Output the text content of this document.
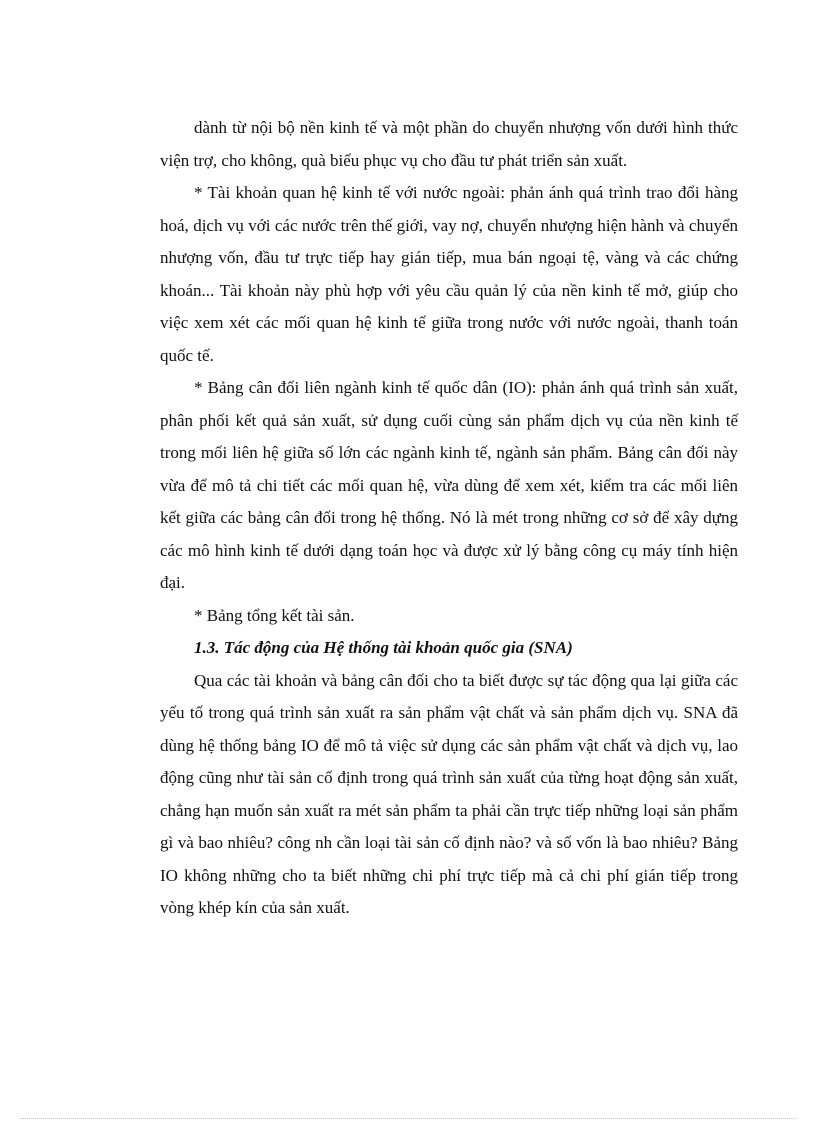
dành từ nội bộ nền kinh tế và một phần do chuyển nhượng vốn dưới hình thức viện trợ, cho không, quà biếu phục vụ cho đầu tư phát triển sản xuất.

* Tài khoản quan hệ kinh tế với nước ngoài: phản ánh quá trình trao đổi hàng hoá, dịch vụ với các nước trên thế giới, vay nợ, chuyển nhượng hiện hành và chuyển nhượng vốn, đầu tư trực tiếp hay gián tiếp, mua bán ngoại tệ, vàng và các chứng khoán... Tài khoản này phù hợp với yêu cầu quản lý của nền kinh tế mở, giúp cho việc xem xét các mối quan hệ kinh tế giữa trong nước với nước ngoài, thanh toán quốc tế.

* Bảng cân đối liên ngành kinh tế quốc dân (IO): phản ánh quá trình sản xuất, phân phối kết quả sản xuất, sử dụng cuối cùng sản phẩm dịch vụ của nền kinh tế trong mối liên hệ giữa số lớn các ngành kinh tế, ngành sản phẩm. Bảng cân đối này vừa để mô tả chi tiết các mối quan hệ, vừa dùng để xem xét, kiểm tra các mối liên kết giữa các bảng cân đối trong hệ thống. Nó là mét trong những cơ sở để xây dựng các mô hình kinh tế dưới dạng toán học và được xử lý bằng công cụ máy tính hiện đại.

* Bảng tổng kết tài sản.

1.3. Tác động của Hệ thống tài khoản quốc gia (SNA)

Qua các tài khoản và bảng cân đối cho ta biết được sự tác động qua lại giữa các yếu tố trong quá trình sản xuất ra sản phẩm vật chất và sản phẩm dịch vụ. SNA đã dùng hệ thống bảng IO để mô tả việc sử dụng các sản phẩm vật chất và dịch vụ, lao động cũng như tài sản cố định trong quá trình sản xuất của từng hoạt động sản xuất, chẳng hạn muốn sản xuất ra mét sản phẩm ta phải cần trực tiếp những loại sản phẩm gì và bao nhiêu? công nh cần loại tài sản cố định nào? và số vốn là bao nhiêu? Bảng IO không những cho ta biết những chi phí trực tiếp mà cả chi phí gián tiếp trong vòng khép kín của sản xuất.
